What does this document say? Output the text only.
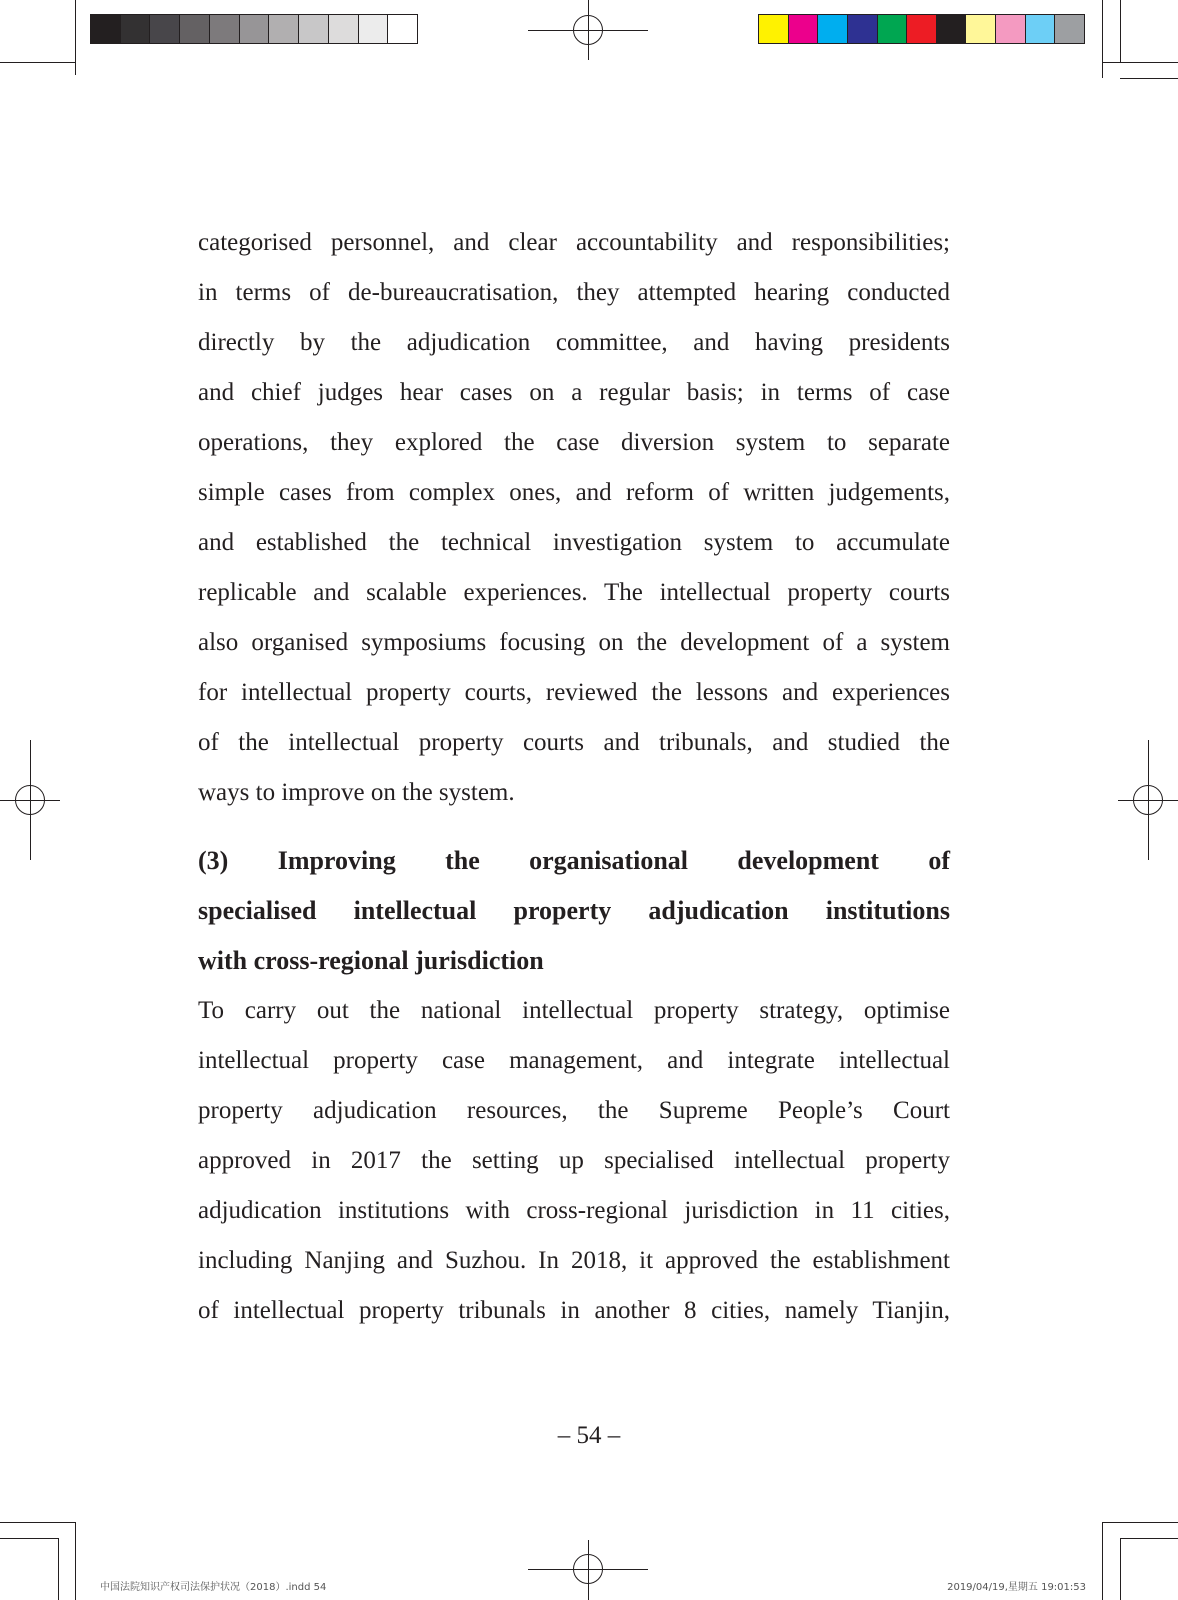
categorised personnel, and clear accountability and responsibilities;
in terms of de-bureaucratisation, they attempted hearing conducted
directly by the adjudication committee, and having presidents
and chief judges hear cases on a regular basis; in terms of case
operations, they explored the case diversion system to separate
simple cases from complex ones, and reform of written judgements,
and established the technical investigation system to accumulate
replicable and scalable experiences. The intellectual property courts
also organised symposiums focusing on the development of a system
for intellectual property courts, reviewed the lessons and experiences
of the intellectual property courts and tribunals, and studied the
ways to improve on the system.
(3) Improving the organisational development of
specialised intellectual property adjudication institutions
with cross-regional jurisdiction
To carry out the national intellectual property strategy, optimise
intellectual property case management, and integrate intellectual
property adjudication resources, the Supreme People’s Court
approved in 2017 the setting up specialised intellectual property
adjudication institutions with cross-regional jurisdiction in 11 cities,
including Nanjing and Suzhou. In 2018, it approved the establishment
of intellectual property tribunals in another 8 cities, namely Tianjin,
– 54 –
中国法院知识产权司法保护状况（2018）.indd 54	2019/04/19,星期五 19:01:53
